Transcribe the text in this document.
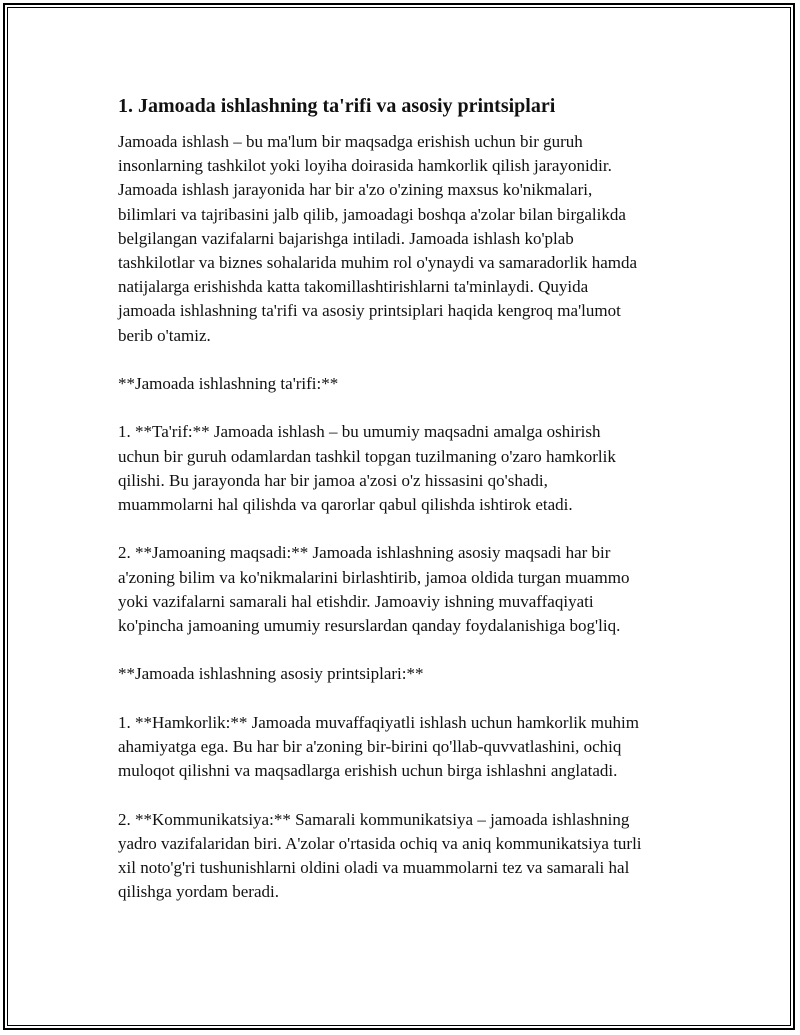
1. Jamoada ishlashning ta'rifi va asosiy printsiplari

Jamoada ishlash – bu ma'lum bir maqsadga erishish uchun bir guruh
insonlarning tashkilot yoki loyiha doirasida hamkorlik qilish jarayonidir.
Jamoada ishlash jarayonida har bir a'zo o'zining maxsus ko'nikmalari,
bilimlari va tajribasini jalb qilib, jamoadagi boshqa a'zolar bilan birgalikda
belgilangan vazifalarni bajarishga intiladi. Jamoada ishlash ko'plab
tashkilotlar va biznes sohalarida muhim rol o'ynaydi va samaradorlik hamda
natijalarga erishishda katta takomillashtirishlarni ta'minlaydi. Quyida
jamoada ishlashning ta'rifi va asosiy printsiplari haqida kengroq ma'lumot
berib o'tamiz.

**Jamoada ishlashning ta'rifi:**

1. **Ta'rif:** Jamoada ishlash – bu umumiy maqsadni amalga oshirish
uchun bir guruh odamlardan tashkil topgan tuzilmaning o'zaro hamkorlik
qilishi. Bu jarayonda har bir jamoa a'zosi o'z hissasini qo'shadi,
muammolarni hal qilishda va qarorlar qabul qilishda ishtirok etadi.

2. **Jamoaning maqsadi:** Jamoada ishlashning asosiy maqsadi har bir
a'zoning bilim va ko'nikmalarini birlashtirib, jamoa oldida turgan muammo
yoki vazifalarni samarali hal etishdir. Jamoaviy ishning muvaffaqiyati
ko'pincha jamoaning umumiy resurslardan qanday foydalanishiga bog'liq.

**Jamoada ishlashning asosiy printsiplari:**

1. **Hamkorlik:** Jamoada muvaffaqiyatli ishlash uchun hamkorlik muhim
ahamiyatga ega. Bu har bir a'zoning bir-birini qo'llab-quvvatlashini, ochiq
muloqot qilishni va maqsadlarga erishish uchun birga ishlashni anglatadi.

2. **Kommunikatsiya:** Samarali kommunikatsiya – jamoada ishlashning
yadro vazifalaridan biri. A'zolar o'rtasida ochiq va aniq kommunikatsiya turli
xil noto'g'ri tushunishlarni oldini oladi va muammolarni tez va samarali hal
qilishga yordam beradi.
